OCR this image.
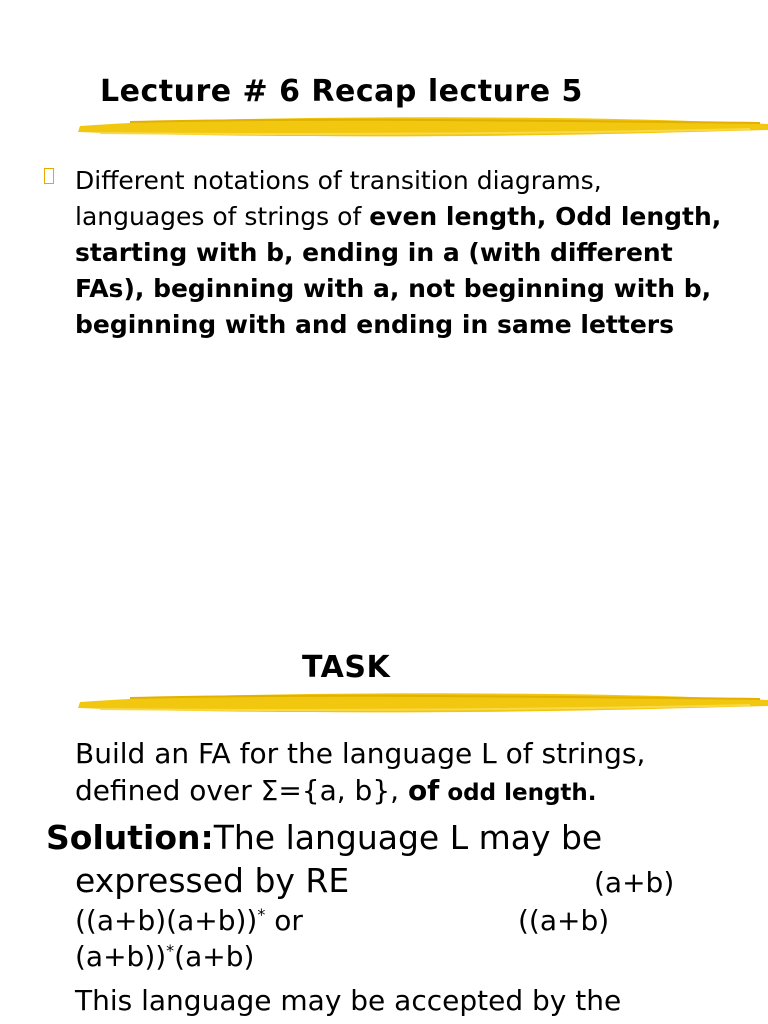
Lecture # 6 Recap lecture 5
Different notations of transition diagrams, languages of strings of even length, Odd length, starting with b, ending in a (with different FAs), beginning with a, not beginning with b, beginning with and ending in same letters
TASK
Build an FA for the language L of strings,
defined over Σ={a, b}, of odd length.
Solution:The language L may be
expressed by RE	(a+b)
((a+b)(a+b))* or	((a+b)
(a+b))*(a+b)
This language may be accepted by the
